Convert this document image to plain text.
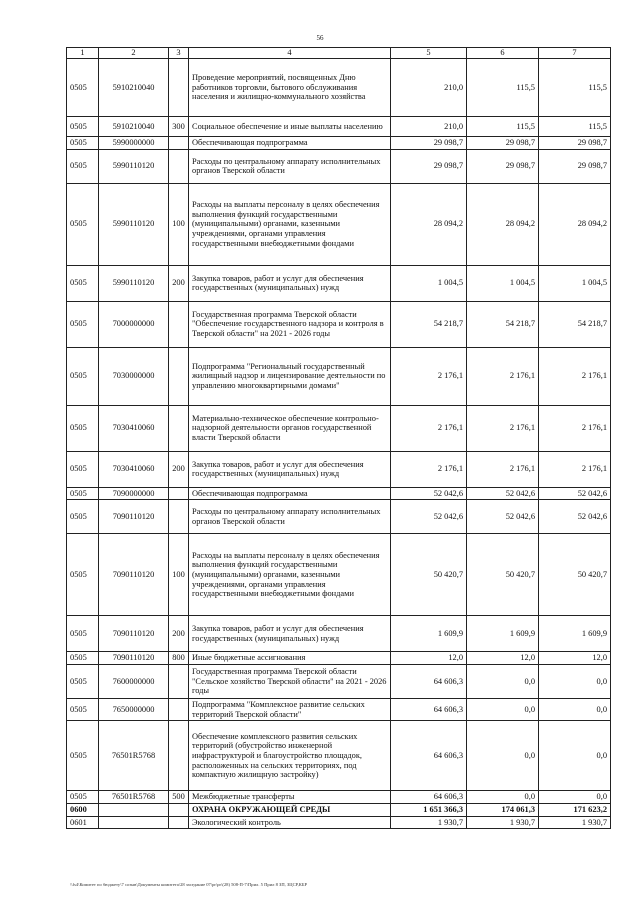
56
1	2	3	4	5	6	7
0505	5910210040		Проведение мероприятий, посвященных Дню работников торговли, бытового обслуживания населения и жилищно-коммунального хозяйства	210,0	115,5	115,5
0505	5910210040	300	Социальное обеспечение и иные выплаты населению	210,0	115,5	115,5
0505	5990000000		Обеспечивающая подпрограмма	29 098,7	29 098,7	29 098,7
0505	5990110120		Расходы по центральному аппарату исполнительных органов Тверской области	29 098,7	29 098,7	29 098,7
0505	5990110120	100	Расходы на выплаты персоналу в целях обеспечения выполнения функций государственными (муниципальными) органами, казенными учреждениями, органами управления государственными внебюджетными фондами	28 094,2	28 094,2	28 094,2
0505	5990110120	200	Закупка товаров, работ и услуг для обеспечения государственных (муниципальных) нужд	1 004,5	1 004,5	1 004,5
0505	7000000000		Государственная программа Тверской области "Обеспечение государственного надзора и контроля в Тверской области" на 2021 - 2026 годы	54 218,7	54 218,7	54 218,7
0505	7030000000		Подпрограмма "Региональный государственный жилищный надзор и лицензирование деятельности по управлению многоквартирными домами"	2 176,1	2 176,1	2 176,1
0505	7030410060		Материально-техническое обеспечение контрольно-надзорной деятельности органов государственной власти Тверской области	2 176,1	2 176,1	2 176,1
0505	7030410060	200	Закупка товаров, работ и услуг для обеспечения государственных (муниципальных) нужд	2 176,1	2 176,1	2 176,1
0505	7090000000		Обеспечивающая подпрограмма	52 042,6	52 042,6	52 042,6
0505	7090110120		Расходы по центральному аппарату исполнительных органов Тверской области	52 042,6	52 042,6	52 042,6
0505	7090110120	100	Расходы на выплаты персоналу в целях обеспечения выполнения функций государственными (муниципальными) органами, казенными учреждениями, органами управления государственными внебюджетными фондами	50 420,7	50 420,7	50 420,7
0505	7090110120	200	Закупка товаров, работ и услуг для обеспечения государственных (муниципальных) нужд	1 609,9	1 609,9	1 609,9
0505	7090110120	800	Иные бюджетные ассигнования	12,0	12,0	12,0
0505	7600000000		Государственная программа Тверской области "Сельское хозяйство Тверской области" на 2021 - 2026 годы	64 606,3	0,0	0,0
0505	7650000000		Подпрограмма "Комплексное развитие сельских территорий Тверской области"	64 606,3	0,0	0,0
0505	76501R5768		Обеспечение комплексного развития сельских территорий (обустройство инженерной инфраструктурой и благоустройство площадок, расположенных на сельских территориях, под компактную жилищную застройку)	64 606,3	0,0	0,0
0505	76501R5768	500	Межбюджетные трансферты	64 606,3	0,0	0,0
0600			ОХРАНА ОКРУЖАЮЩЕЙ СРЕДЫ	1 651 366,3	174 061,3	171 623,2
0601			Экологический контроль	1 930,7	1 930,7	1 930,7
\\fs4\Комитет по бюджету\7 созыв\Документы комитета\28 заседание 07\pr\pr\(28) 508-П-7\Прил. 5 Прил 8 ЗП, ЗЦСР,КБР
